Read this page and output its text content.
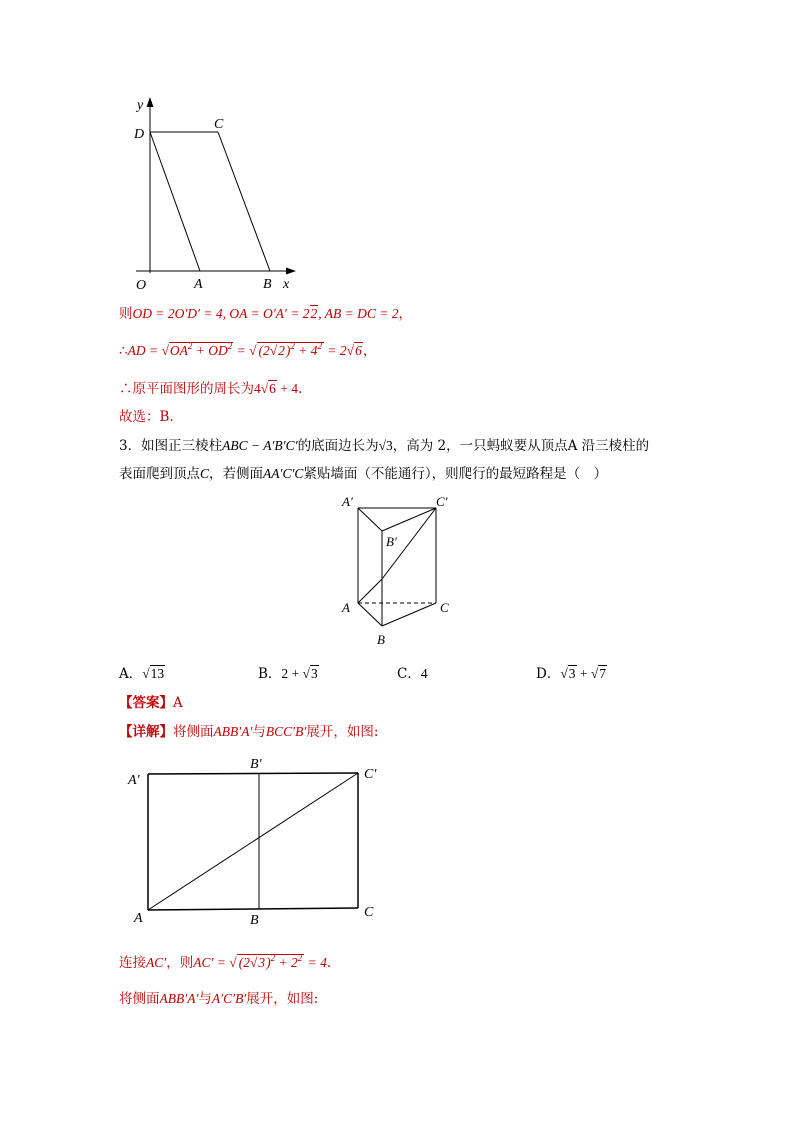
y
D
C
O	A	B x
则OD = 2O′D′ = 4, OA = O′A′ = 22, AB = DC = 2，
∴AD = $√OA^2 + OD^2$ = √ $(2√2)^2 + 4^2 = 2√6$，
∴原平面图形的周长为4√6 + 4.
故选：B.
3．如图正三棱柱ABC − A′B′C′的底面边长为√3，高为 2，一只蚂蚁要从顶点A 沿三棱柱的
表面爬到顶点C，若侧面AA′C′C紧贴墙面（不能通行），则爬行的最短路程是（　）
A′	C′
B′
A	C
B
A．√13	B．2 + √3	C．4	D．√3 + √7
【答案】A
【详解】将侧面ABB′A′与BCC′B′展开，如图:
A′
B′
C′
A	B
C
连接AC′，则AC′ = √ $(2√3)^2 + 2^2 = 4$.
将侧面ABB′A′与A′C′B′展开，如图:
